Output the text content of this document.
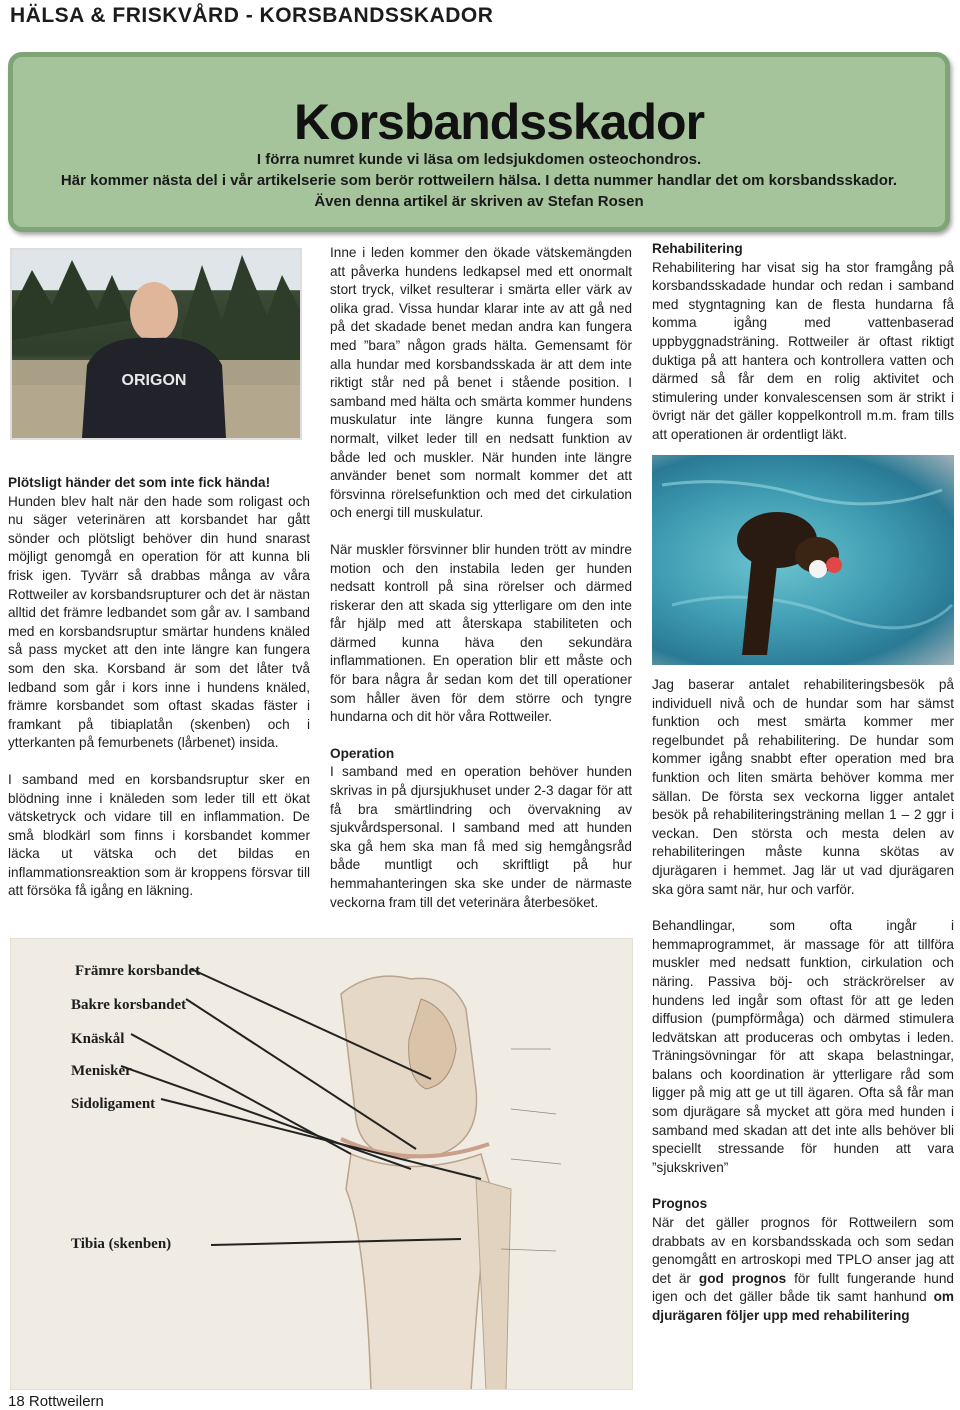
HÄLSA & FRISKVÅRD - KORSBANDSSKADOR
Korsbandsskador
I förra numret kunde vi läsa om ledsjukdomen osteochondros.
Här kommer nästa del i vår artikelserie som berör rottweilern hälsa. I detta nummer handlar det om korsbandsskador.
Även denna artikel är skriven av Stefan Rosen
ORIGON
Plötsligt händer det som inte fick hända!

Hunden blev halt när den hade som roligast och nu säger veterinären att korsbandet har gått sönder och plötsligt behöver din hund snarast möjligt genomgå en operation för att kunna bli frisk igen. Tyvärr så drabbas många av våra Rottweiler av korsbandsrupturer och det är nästan alltid det främre ledbandet som går av. I samband med en korsbandsruptur smärtar hundens knäled så pass mycket att den inte längre kan fungera som den ska. Korsband är som det låter två ledband som går i kors inne i hundens knäled, främre korsbandet som oftast skadas fäster i framkant på tibiaplatån (skenben) och i ytterkanten på femurbenets (lårbenet) insida.

I samband med en korsbandsruptur sker en blödning inne i knäleden som leder till ett ökat vätsketryck och vidare till en inflammation. De små blodkärl som finns i korsbandet kommer läcka ut vätska och det bildas en inflammationsreaktion som är kroppens försvar till att försöka få igång en läkning.

Inne i leden kommer den ökade vätskemängden att påverka hundens ledkapsel med ett onormalt stort tryck, vilket resulterar i smärta eller värk av olika grad. Vissa hundar klarar inte av att gå ned på det skadade benet medan andra kan fungera med ”bara” någon grads hälta. Gemensamt för alla hundar med korsbandsskada är att dem inte riktigt står ned på benet i stående position. I samband med hälta och smärta kommer hundens muskulatur inte längre kunna fungera som normalt, vilket leder till en nedsatt funktion av både led och muskler. När hunden inte längre använder benet som normalt kommer det att försvinna rörelsefunktion och med det cirkulation och energi till muskulatur.

När muskler försvinner blir hunden trött av mindre motion och den instabila leden ger hunden nedsatt kontroll på sina rörelser och därmed riskerar den att skada sig ytterligare om den inte får hjälp med att återskapa stabiliteten och därmed kunna häva den sekundära inflammationen. En operation blir ett måste och för bara några år sedan kom det till operationer som håller även för dem större och tyngre hundarna och dit hör våra Rottweiler.

Operation

I samband med en operation behöver hunden skrivas in på djursjukhuset under 2-3 dagar för att få bra smärtlindring och övervakning av sjukvårdspersonal. I samband med att hunden ska gå hem ska man få med sig hemgångsråd både muntligt och skriftligt på hur hemmahanteringen ska ske under de närmaste veckorna fram till det veterinära återbesöket.

Rehabilitering

Rehabilitering har visat sig ha stor framgång på korsbandsskadade hundar och redan i samband med stygntagning kan de flesta hundarna få komma igång med vattenbaserad uppbyggnadsträning. Rottweiler är oftast riktigt duktiga på att hantera och kontrollera vatten och därmed så får dem en rolig aktivitet och stimulering under konvalescensen som är strikt i övrigt när det gäller koppelkontroll m.m. fram tills att operationen är ordentligt läkt.

Jag baserar antalet rehabiliteringsbesök på individuell nivå och de hundar som har sämst funktion och mest smärta kommer mer regelbundet på rehabilitering. De hundar som kommer igång snabbt efter operation med bra funktion och liten smärta behöver komma mer sällan. De första sex veckorna ligger antalet besök på rehabiliteringsträning mellan 1 – 2 ggr i veckan. Den största och mesta delen av rehabiliteringen måste kunna skötas av djurägaren i hemmet. Jag lär ut vad djurägaren ska göra samt när, hur och varför.

Behandlingar, som ofta ingår i hemmaprogrammet, är massage för att tillföra muskler med nedsatt funktion, cirkulation och näring. Passiva böj- och sträckrörelser av hundens led ingår som oftast för att ge leden diffusion (pumpförmåga) och därmed stimulera ledvätskan att produceras och ombytas i leden. Träningsövningar för att skapa belastningar, balans och koordination är ytterligare råd som ligger på mig att ge ut till ägaren. Ofta så får man som djurägare så mycket att göra med hunden i samband med skadan att det inte alls behöver bli speciellt stressande för hunden att vara ”sjukskriven”

Prognos
När det gäller prognos för Rottweilern som drabbats av en korsbandsskada och som sedan genomgått en artroskopi med TPLO anser jag att det är god prognos för fullt fungerande hund igen och det gäller både tik samt hanhund om djurägaren följer upp med rehabilitering
Främre korsbandet
Bakre korsbandet
Knäskål
Menisker
Sidoligament
Tibia (skenben)
18 Rottweilern
